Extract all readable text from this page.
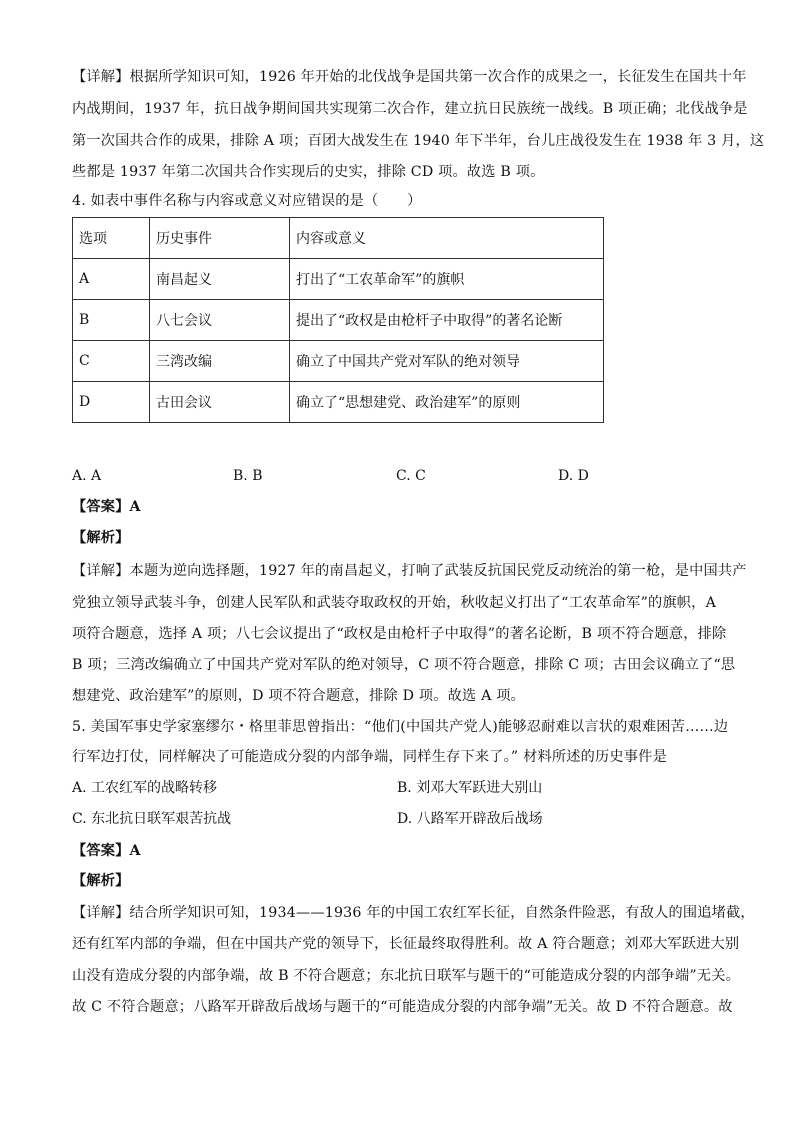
【详解】根据所学知识可知，1926 年开始的北伐战争是国共第一次合作的成果之一，长征发生在国共十年
内战期间，1937 年，抗日战争期间国共实现第二次合作，建立抗日民族统一战线。B 项正确；北伐战争是
第一次国共合作的成果，排除 A 项；百团大战发生在 1940 年下半年，台儿庄战役发生在 1938 年 3 月，这
些都是 1937 年第二次国共合作实现后的史实，排除 CD 项。故选 B 项。
4. 如表中事件名称与内容或意义对应错误的是（　　）
选项	历史事件	内容或意义
A	南昌起义	打出了“工农革命军”的旗帜
B	八七会议	提出了“政权是由枪杆子中取得”的著名论断
C	三湾改编	确立了中国共产党对军队的绝对领导
D	古田会议	确立了“思想建党、政治建军”的原则
A. A	B. B	C. C	D. D
【答案】A
【解析】
【详解】本题为逆向选择题，1927 年的南昌起义，打响了武装反抗国民党反动统治的第一枪，是中国共产
党独立领导武装斗争，创建人民军队和武装夺取政权的开始，秋收起义打出了“工农革命军”的旗帜，A
项符合题意，选择 A 项；八七会议提出了“政权是由枪杆子中取得”的著名论断，B 项不符合题意，排除
B 项；三湾改编确立了中国共产党对军队的绝对领导，C 项不符合题意，排除 C 项；古田会议确立了“思
想建党、政治建军”的原则，D 项不符合题意，排除 D 项。故选 A 项。
5. 美国军事史学家塞缪尔・格里菲思曾指出：“他们(中国共产党人)能够忍耐难以言状的艰难困苦……边
行军边打仗，同样解决了可能造成分裂的内部争端，同样生存下来了。” 材料所述的历史事件是
A. 工农红军的战略转移	B. 刘邓大军跃进大别山
C. 东北抗日联军艰苦抗战	D. 八路军开辟敌后战场
【答案】A
【解析】
【详解】结合所学知识可知，1934——1936 年的中国工农红军长征，自然条件险恶，有敌人的围追堵截，
还有红军内部的争端，但在中国共产党的领导下，长征最终取得胜利。故 A 符合题意；刘邓大军跃进大别
山没有造成分裂的内部争端，故 B 不符合题意；东北抗日联军与题干的“可能造成分裂的内部争端”无关。
故 C 不符合题意；八路军开辟敌后战场与题干的“可能造成分裂的内部争端”无关。故 D 不符合题意。故
